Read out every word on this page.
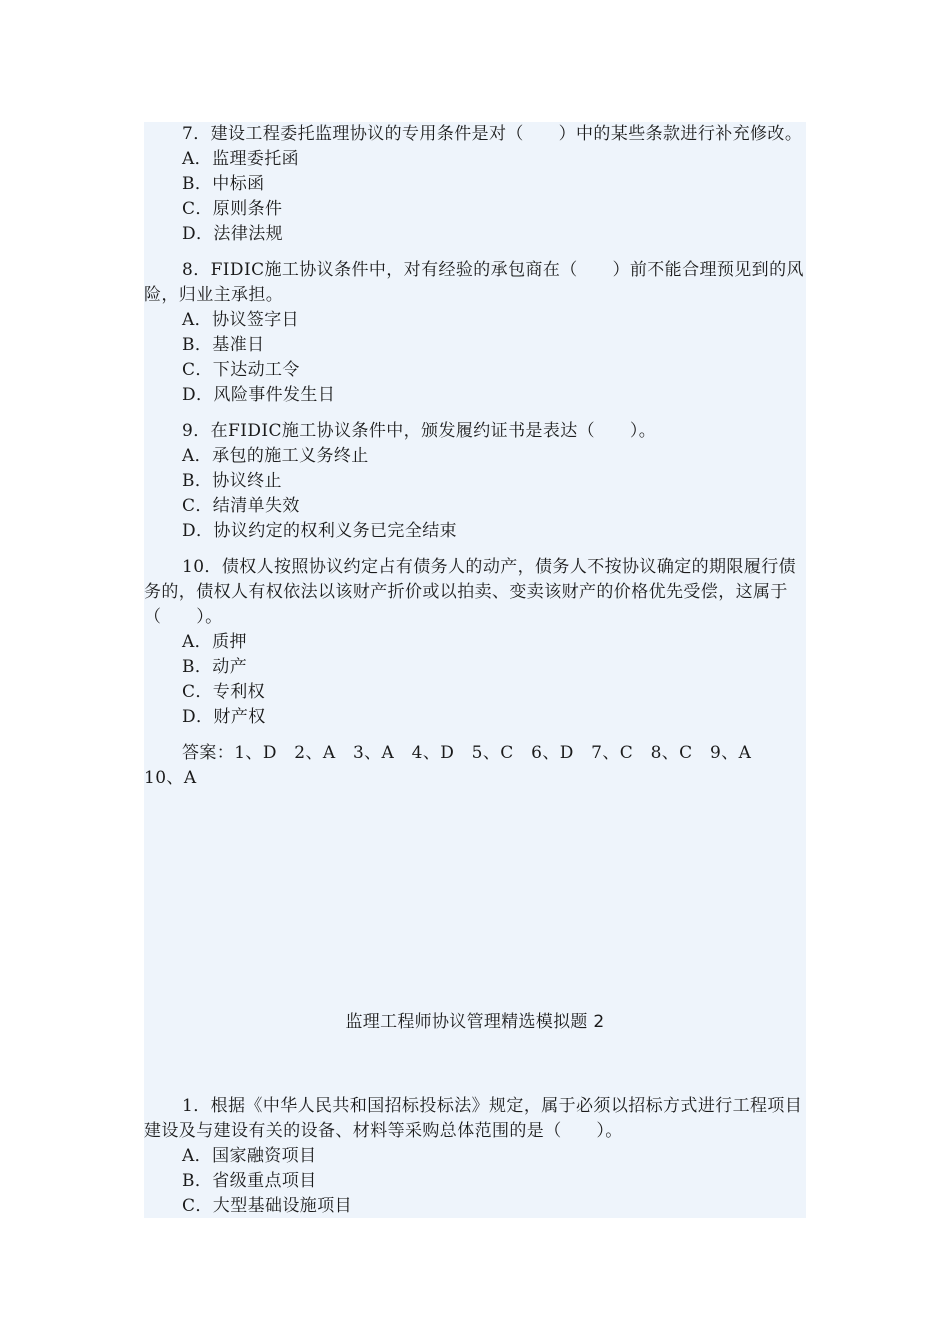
7．建设工程委托监理协议的专用条件是对（　　）中的某些条款进行补充修改。

A．监理委托函
B．中标函
C．原则条件
D．法律法规

8．FIDIC施工协议条件中，对有经验的承包商在（　　）前不能合理预见到的风险，归业主承担。

A．协议签字日
B．基准日
C．下达动工令
D．风险事件发生日

9．在FIDIC施工协议条件中，颁发履约证书是表达（　　）。

A．承包的施工义务终止
B．协议终止
C．结清单失效
D．协议约定的权利义务已完全结束

10．债权人按照协议约定占有债务人的动产，债务人不按协议确定的期限履行债务的，债权人有权依法以该财产折价或以拍卖、变卖该财产的价格优先受偿，这属于（　　）。

A．质押
B．动产
C．专利权
D．财产权

答案：1、D　2、A　3、A　4、D　5、C　6、D　7、C　8、C　9、A　10、A

监理工程师协议管理精选模拟题 2

1．根据《中华人民共和国招标投标法》规定，属于必须以招标方式进行工程项目建设及与建设有关的设备、材料等采购总体范围的是（　　）。

A．国家融资项目
B．省级重点项目
C．大型基础设施项目
